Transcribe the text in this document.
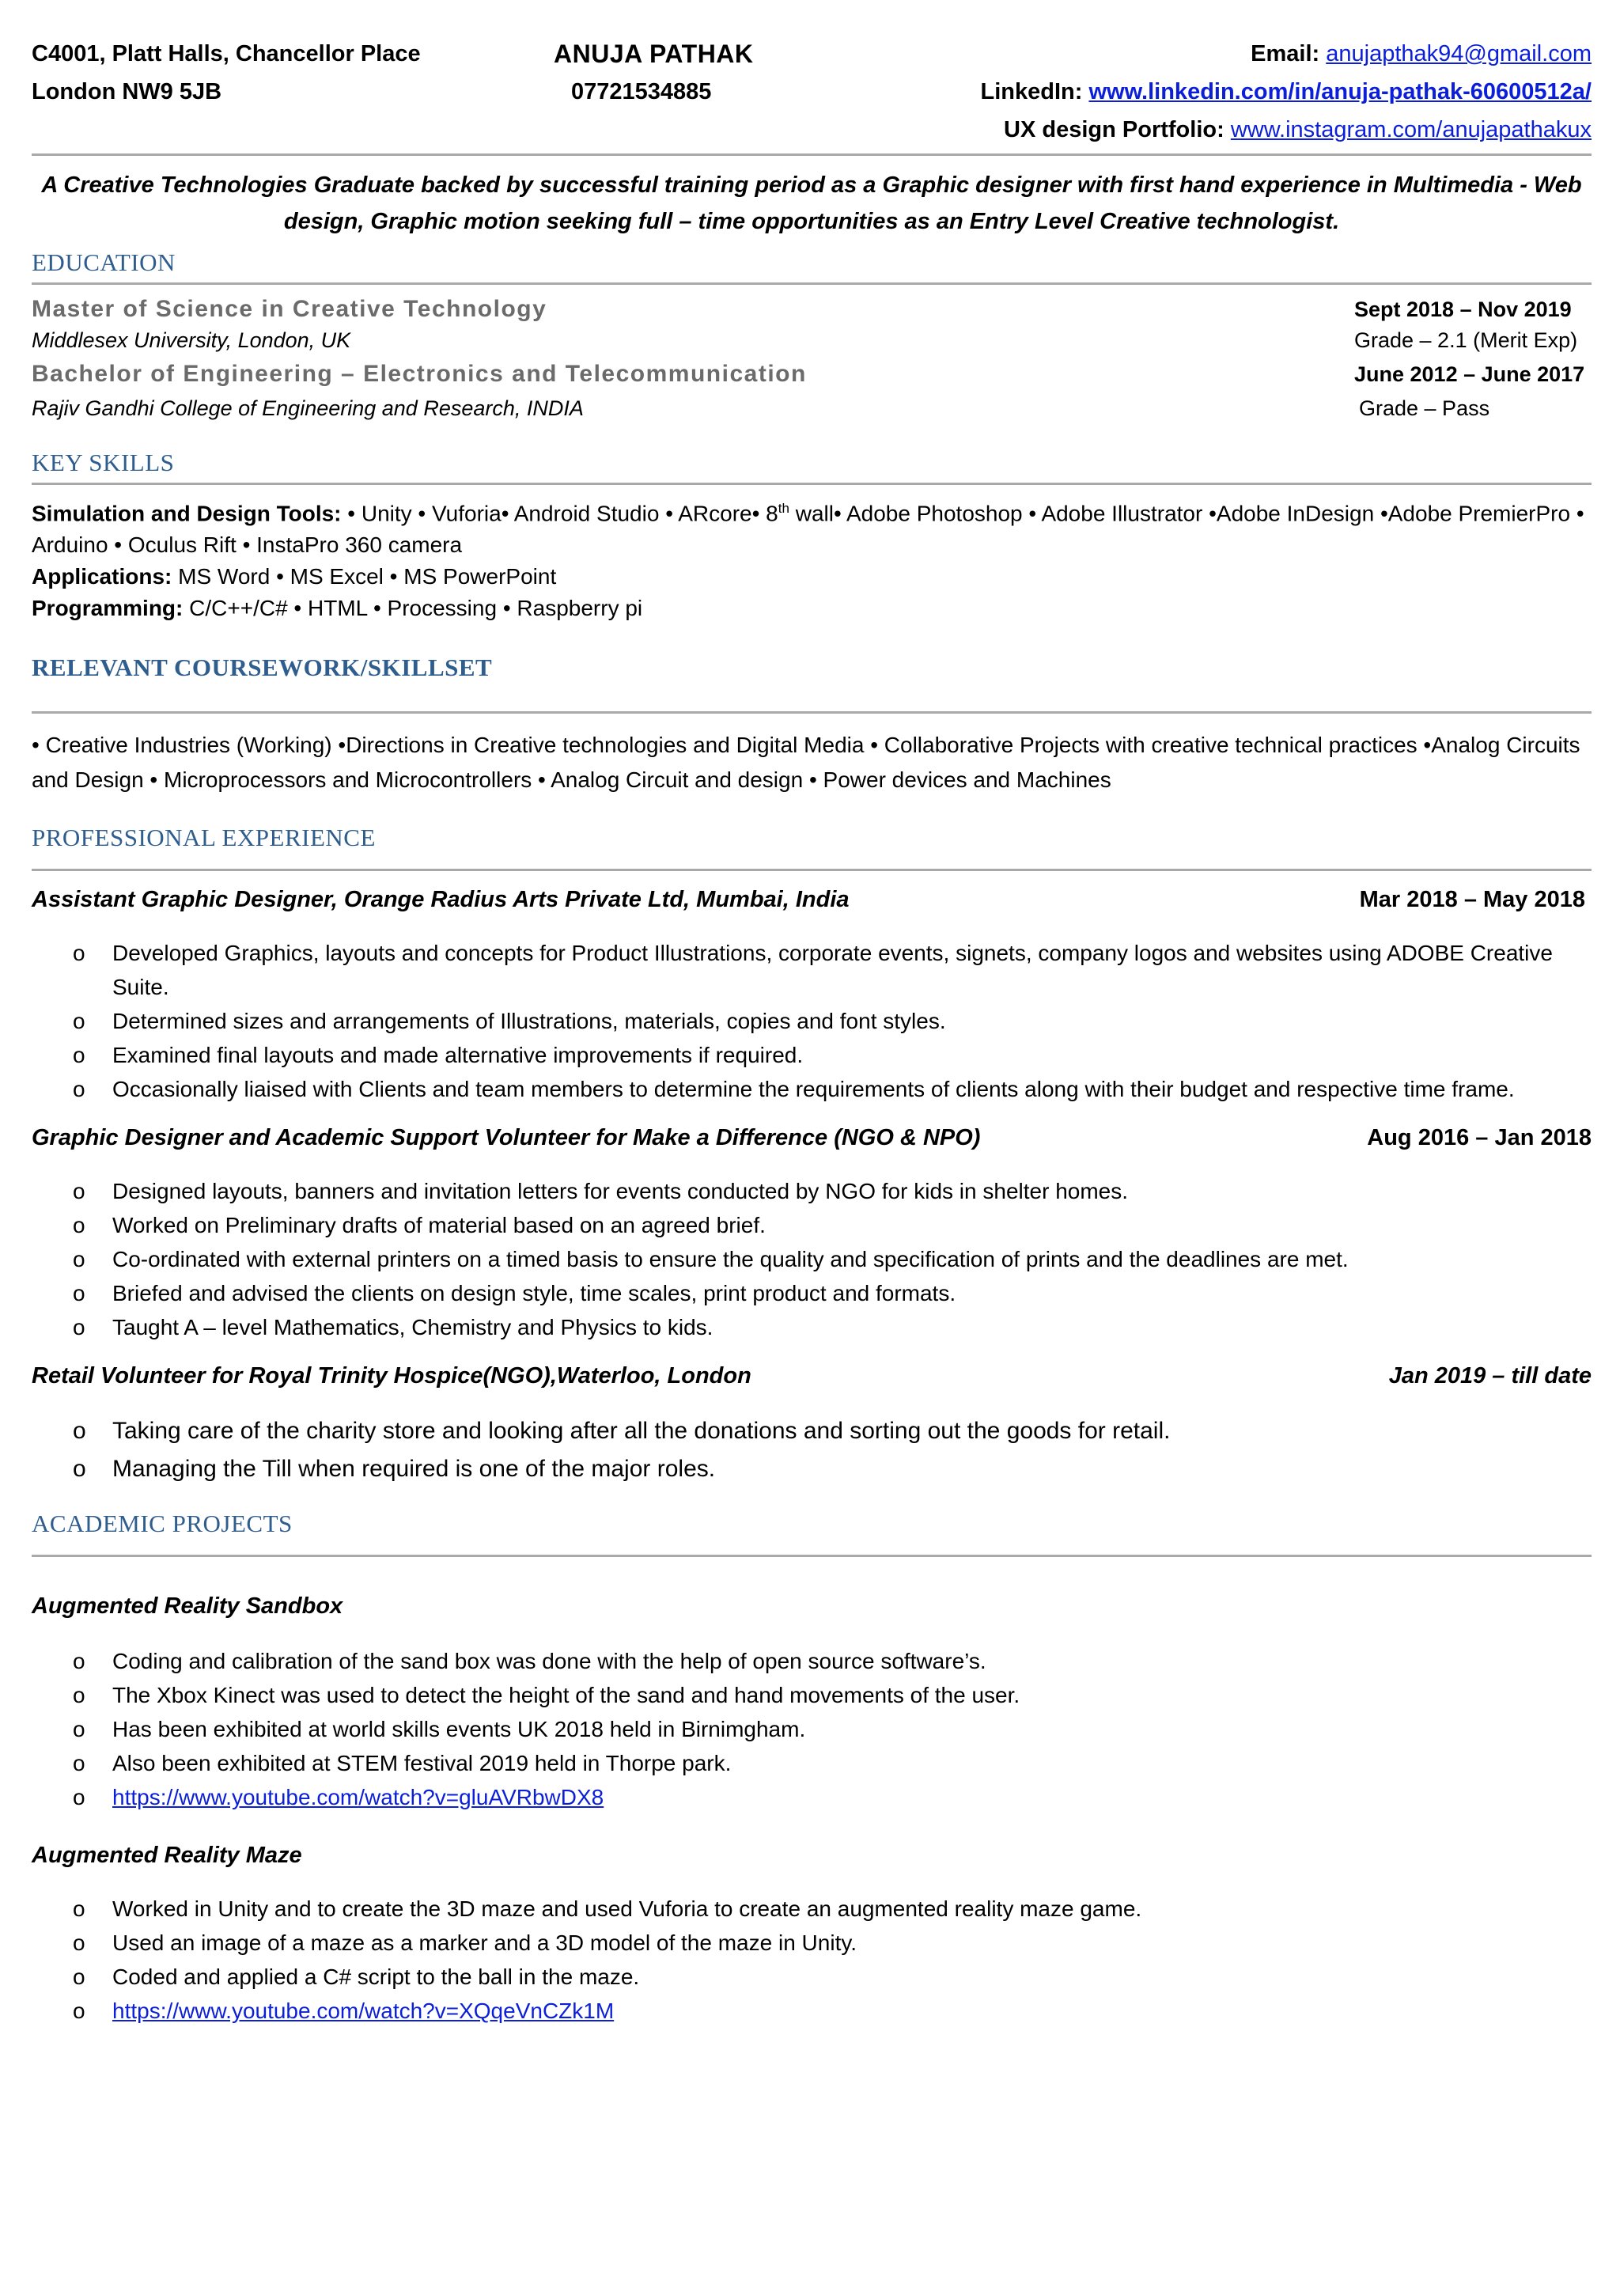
C4001, Platt Halls, Chancellor Place
London NW9 5JB
ANUJA PATHAK
07721534885
Email: anujapthak94@gmail.com
LinkedIn: www.linkedin.com/in/anuja-pathak-60600512a/
UX design Portfolio: www.instagram.com/anujapathakux
A Creative Technologies Graduate backed by successful training period as a Graphic designer with first hand experience in Multimedia - Web
design, Graphic motion seeking full – time opportunities as an Entry Level Creative technologist.
EDUCATION
Master of Science in Creative Technology	Sept 2018 – Nov 2019
Middlesex University, London, UK	Grade – 2.1 (Merit Exp)
Bachelor of Engineering – Electronics and Telecommunication	June 2012 – June 2017
Rajiv Gandhi College of Engineering and Research, INDIA	Grade – Pass
KEY SKILLS
Simulation and Design Tools: • Unity • Vuforia• Android Studio • ARcore• 8th wall• Adobe Photoshop • Adobe Illustrator •Adobe InDesign •Adobe PremierPro • Arduino • Oculus Rift • InstaPro 360 camera
Applications: MS Word • MS Excel • MS PowerPoint
Programming: C/C++/C# • HTML • Processing • Raspberry pi
RELEVANT COURSEWORK/SKILLSET
• Creative Industries (Working) •Directions in Creative technologies and Digital Media • Collaborative Projects with creative technical practices •Analog Circuits and Design • Microprocessors and Microcontrollers • Analog Circuit and design • Power devices and Machines
PROFESSIONAL EXPERIENCE
Assistant Graphic Designer, Orange Radius Arts Private Ltd, Mumbai, India	Mar 2018 – May 2018
o Developed Graphics, layouts and concepts for Product Illustrations, corporate events, signets, company logos and websites using ADOBE Creative Suite.
o Determined sizes and arrangements of Illustrations, materials, copies and font styles.
o Examined final layouts and made alternative improvements if required.
o Occasionally liaised with Clients and team members to determine the requirements of clients along with their budget and respective time frame.
Graphic Designer and Academic Support Volunteer for Make a Difference (NGO & NPO)	Aug 2016 – Jan 2018
o Designed layouts, banners and invitation letters for events conducted by NGO for kids in shelter homes.
o Worked on Preliminary drafts of material based on an agreed brief.
o Co-ordinated with external printers on a timed basis to ensure the quality and specification of prints and the deadlines are met.
o Briefed and advised the clients on design style, time scales, print product and formats.
o Taught A – level Mathematics, Chemistry and Physics to kids.
Retail Volunteer for Royal Trinity Hospice(NGO),Waterloo, London	Jan 2019 – till date
o Taking care of the charity store and looking after all the donations and sorting out the goods for retail.
o Managing the Till when required is one of the major roles.
ACADEMIC PROJECTS
Augmented Reality Sandbox
o Coding and calibration of the sand box was done with the help of open source software’s.
o The Xbox Kinect was used to detect the height of the sand and hand movements of the user.
o Has been exhibited at world skills events UK 2018 held in Birnimgham.
o Also been exhibited at STEM festival 2019 held in Thorpe park.
o https://www.youtube.com/watch?v=gluAVRbwDX8
Augmented Reality Maze
o Worked in Unity and to create the 3D maze and used Vuforia to create an augmented reality maze game.
o Used an image of a maze as a marker and a 3D model of the maze in Unity.
o Coded and applied a C# script to the ball in the maze.
o https://www.youtube.com/watch?v=XQqeVnCZk1M
